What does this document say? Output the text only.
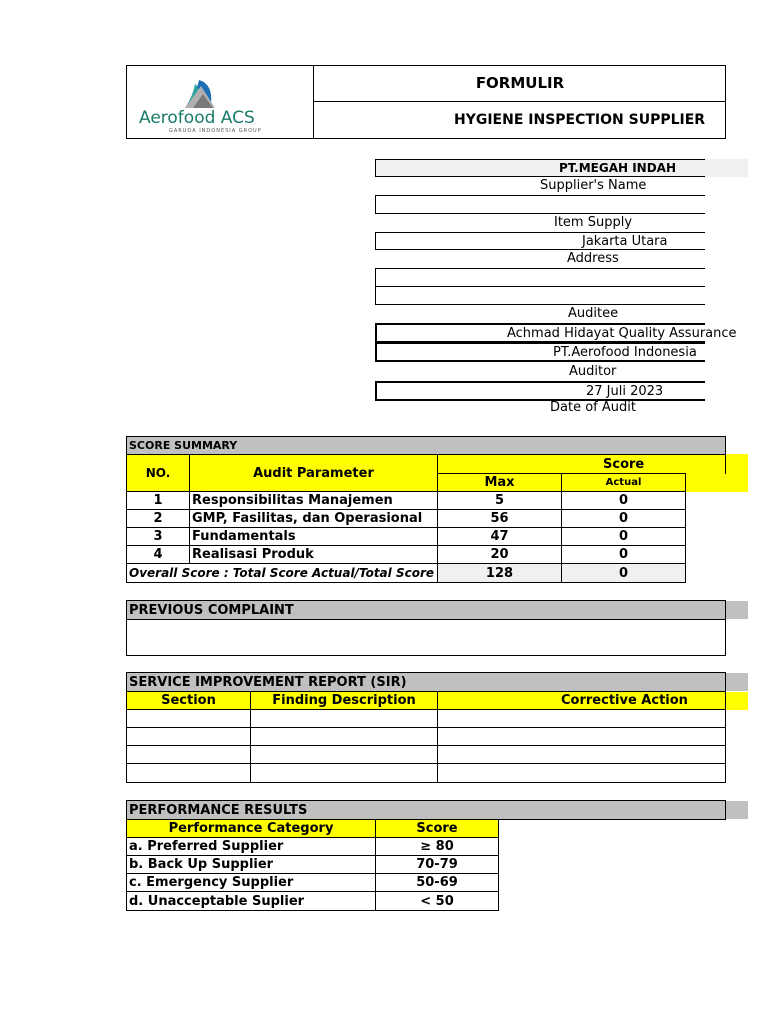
Aerofood ACS
GARUDA INDONESIA GROUP
FORMULIR
HYGIENE INSPECTION SUPPLIER
PT.MEGAH INDAH
Supplier's Name
Item Supply
Jakarta Utara
Address
Auditee
Achmad Hidayat Quality Assurance
PT.Aerofood Indonesia
Auditor
27 Juli 2023
Date of Audit
SCORE SUMMARY
NO.	Audit Parameter
Score
Max	Actual
1	Responsibilitas Manajemen	5	0
2	GMP, Fasilitas, dan Operasional	56	0
3	Fundamentals	47	0
4	Realisasi Produk	20	0
Overall Score : Total Score Actual/Total Score	128	0
PREVIOUS COMPLAINT
SERVICE IMPROVEMENT REPORT (SIR)
Section	Finding Description	Corrective Action
PERFORMANCE RESULTS
Performance Category	Score
a. Preferred Supplier	≥ 80
b. Back Up Supplier	70-79
c. Emergency Supplier	50-69
d. Unacceptable Suplier	< 50
